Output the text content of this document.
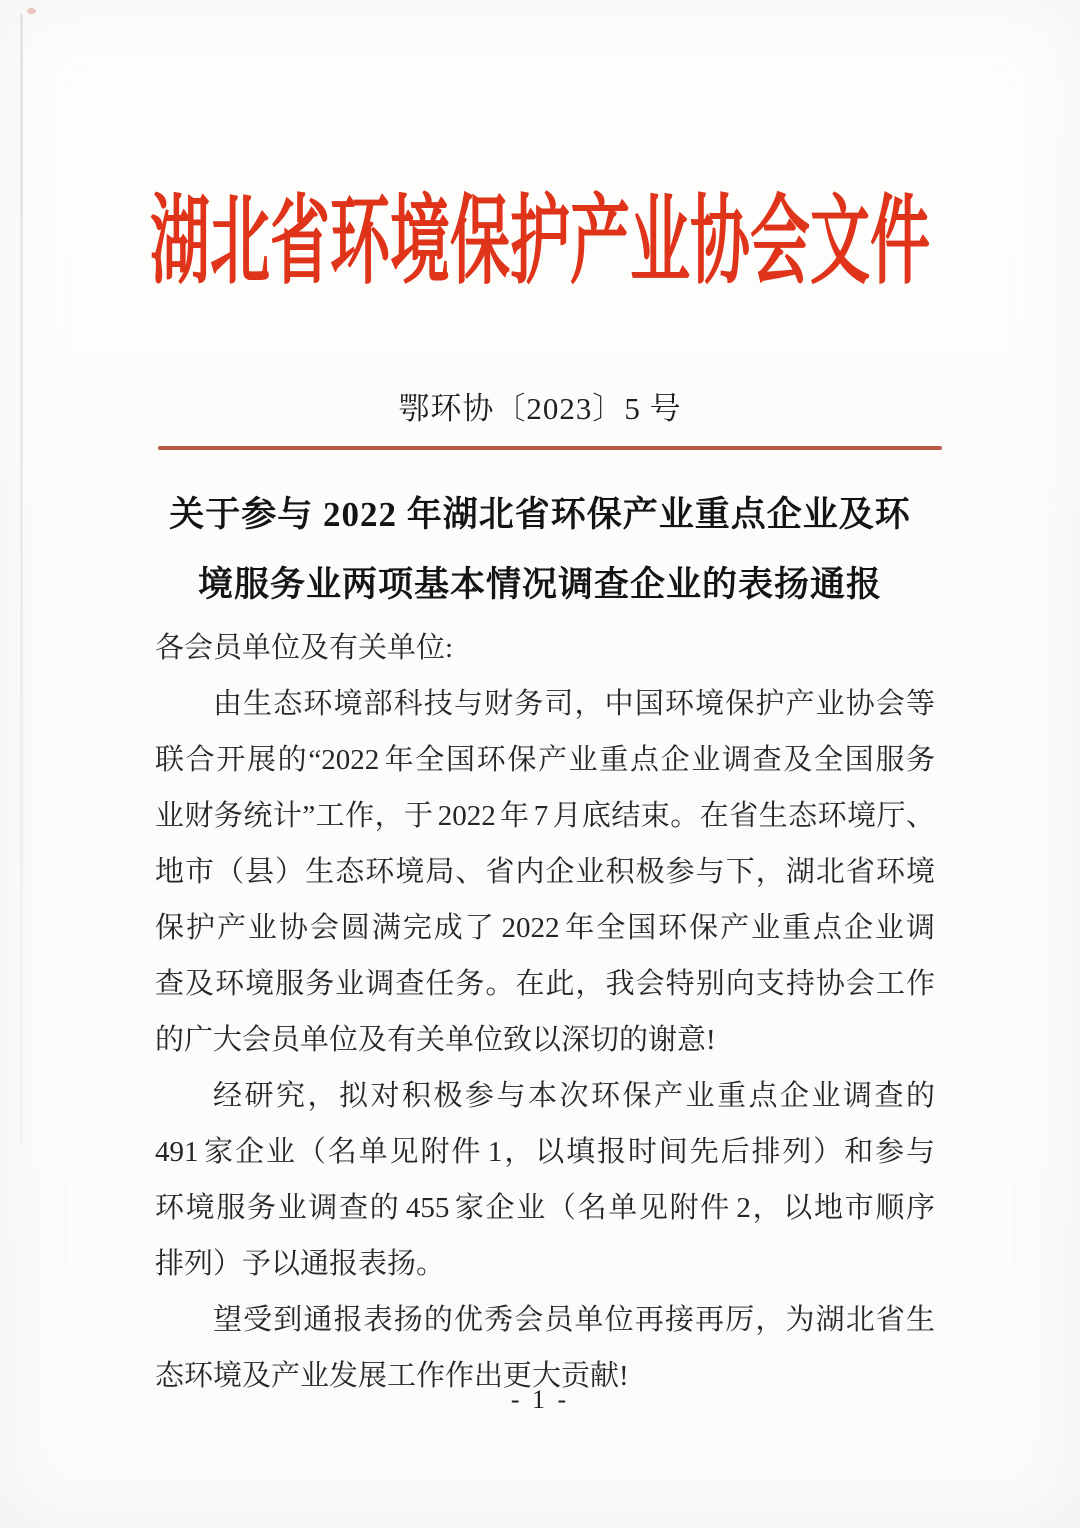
湖北省环境保护产业协会文件
鄂环协〔2023〕5 号
关于参与 2022 年湖北省环保产业重点企业及环
境服务业两项基本情况调查企业的表扬通报
各会员单位及有关单位:
由生态环境部科技与财务司，中国环境保护产业协会等
联合开展的“2022 年全国环保产业重点企业调查及全国服务
业财务统计”工作，于 2022 年 7 月底结束。在省生态环境厅、
地市（县）生态环境局、省内企业积极参与下，湖北省环境
保护产业协会圆满完成了 2022 年全国环保产业重点企业调
查及环境服务业调查任务。在此，我会特别向支持协会工作
的广大会员单位及有关单位致以深切的谢意!
经研究，拟对积极参与本次环保产业重点企业调查的
491 家企业（名单见附件 1，以填报时间先后排列）和参与
环境服务业调查的 455 家企业（名单见附件 2，以地市顺序
排列）予以通报表扬。
望受到通报表扬的优秀会员单位再接再厉，为湖北省生
态环境及产业发展工作作出更大贡献!
- 1 -
